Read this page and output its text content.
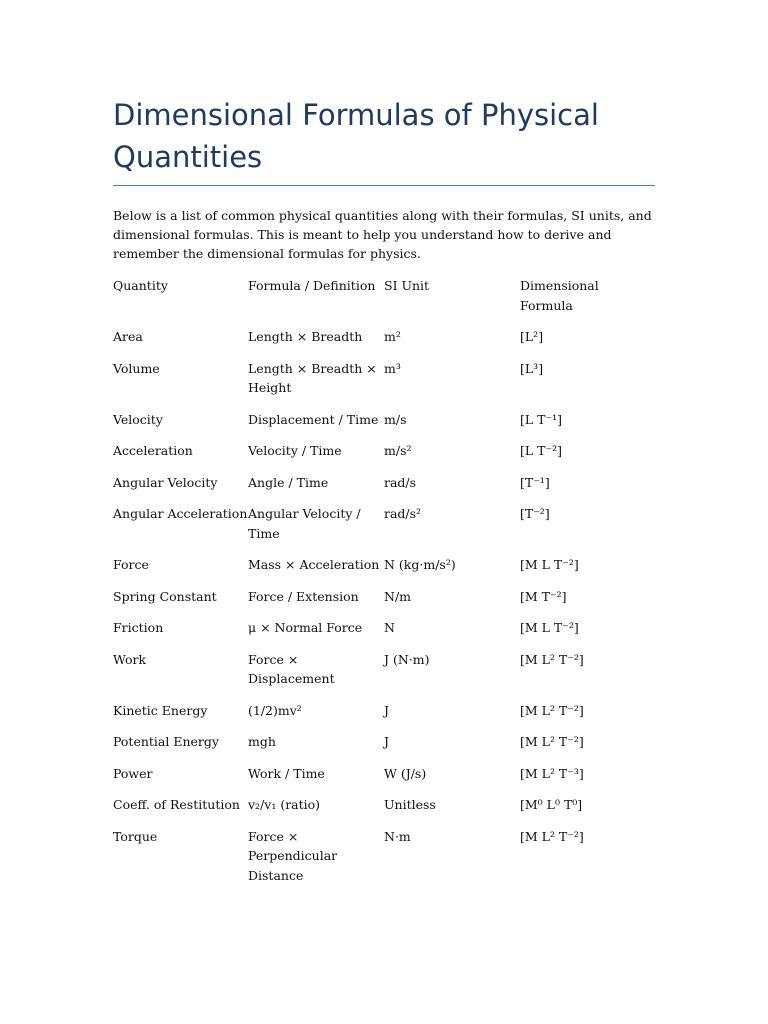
Dimensional Formulas of Physical Quantities

Below is a list of common physical quantities along with their formulas, SI units, and dimensional formulas. This is meant to help you understand how to derive and remember the dimensional formulas for physics.

Quantity	Formula / Definition	SI Unit	Dimensional Formula
Area	Length × Breadth	m²	[L²]
Volume	Length × Breadth × Height	m³	[L³]
Velocity	Displacement / Time	m/s	[L T⁻¹]
Acceleration	Velocity / Time	m/s²	[L T⁻²]
Angular Velocity	Angle / Time	rad/s	[T⁻¹]
Angular Acceleration	Angular Velocity / Time	rad/s²	[T⁻²]
Force	Mass × Acceleration	N (kg·m/s²)	[M L T⁻²]
Spring Constant	Force / Extension	N/m	[M T⁻²]
Friction	μ × Normal Force	N	[M L T⁻²]
Work	Force × Displacement	J (N·m)	[M L² T⁻²]
Kinetic Energy	(1/2)mv²	J	[M L² T⁻²]
Potential Energy	mgh	J	[M L² T⁻²]
Power	Work / Time	W (J/s)	[M L² T⁻³]
Coeff. of Restitution	v₂/v₁ (ratio)	Unitless	[M⁰ L⁰ T⁰]
Torque	Force × Perpendicular Distance	N·m	[M L² T⁻²]
